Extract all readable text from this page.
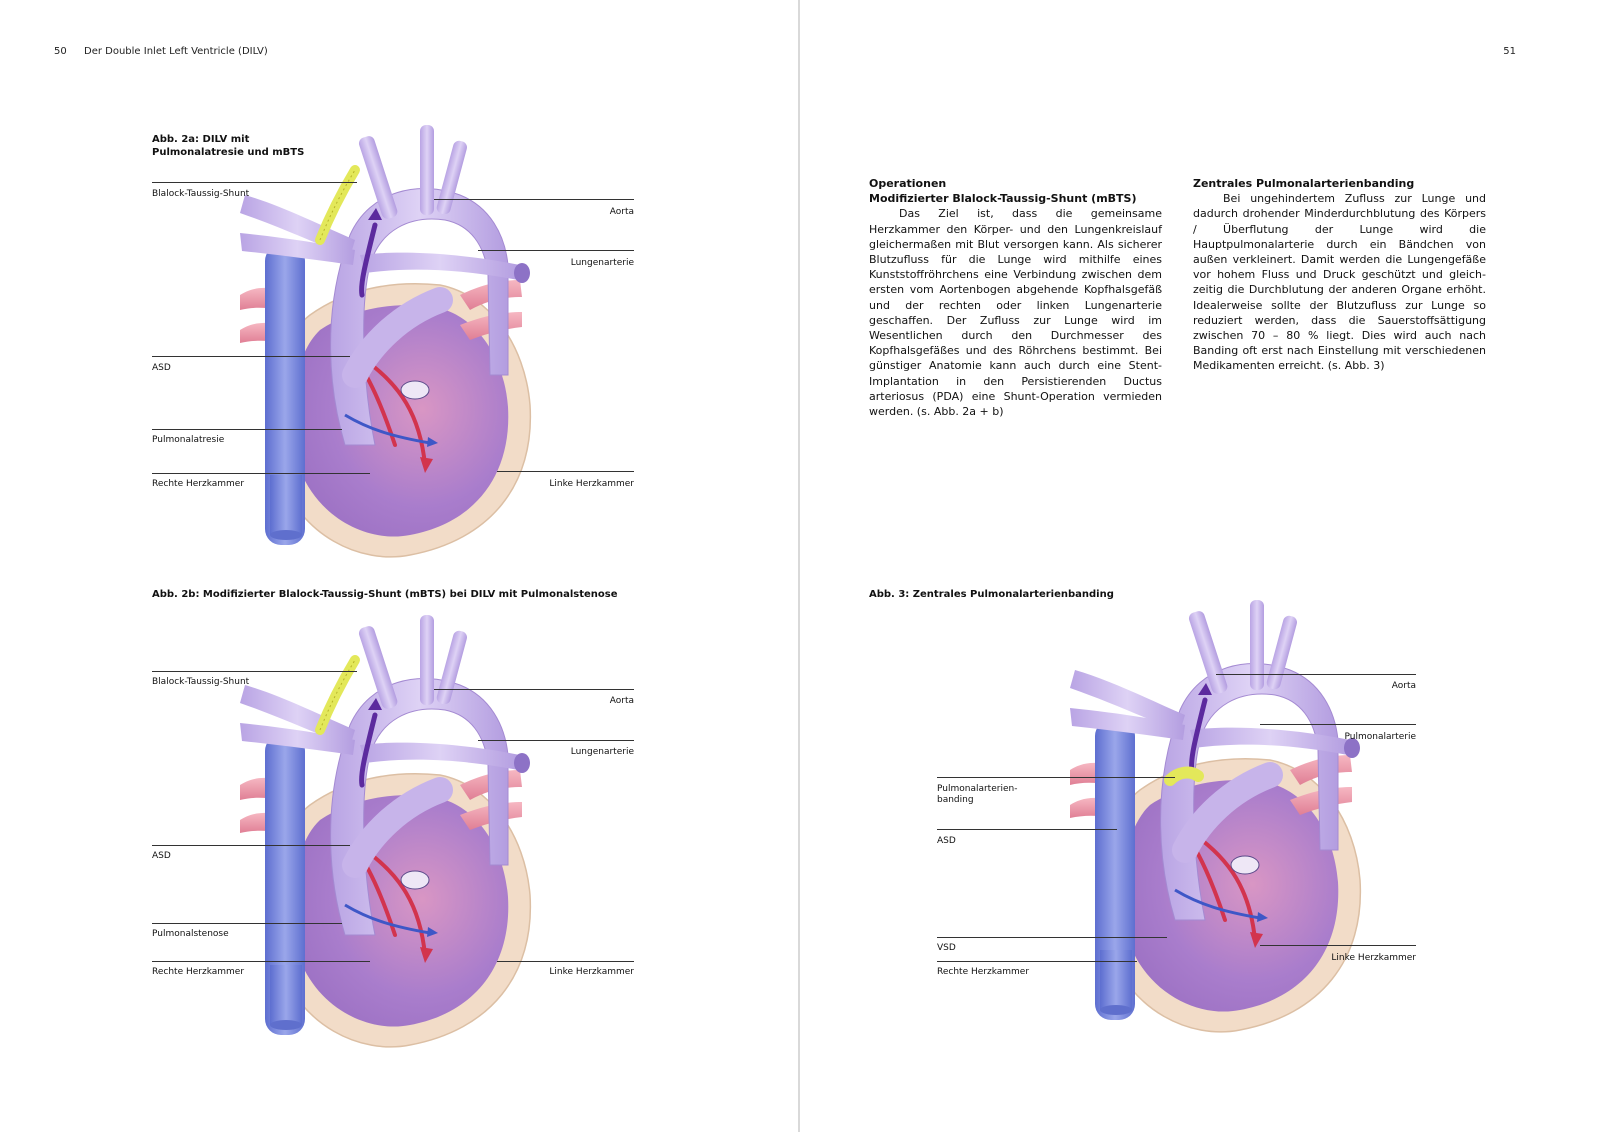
50 Der Double Inlet Left Ventricle (DILV)
Abb. 2a: DILV mit Pulmonalatresie und mBTS
Blalock-Taussig-Shunt
Aorta
Lungenarterie
ASD
Pulmonalatresie
Rechte Herzkammer	Linke Herzkammer
Abb. 2b: Modifizierter Blalock-Taussig-Shunt (mBTS) bei DILV mit Pulmonalstenose
Blalock-Taussig-Shunt
Aorta
Lungenarterie
ASD
Pulmonalstenose
Rechte Herzkammer	Linke Herzkammer
51
Operationen
Modifizierter Blalock-Taussig-Shunt (mBTS)

Das Ziel ist, dass die gemeinsame Herzkammer den Körper- und den Lungenkreislauf gleichermaßen mit Blut versorgen kann. Als sicherer Blutzufluss für die Lunge wird mithilfe eines Kunststoffröhrchens eine Verbindung zwischen dem ersten vom Aortenbogen abgehende Kopfhalsgefäß und der rechten oder linken Lungenarterie geschaffen. Der Zufluss zur Lunge wird im Wesentlichen durch den Durchmesser des Kopfhalsgefäßes und des Röhrchens bestimmt. Bei günstiger Anatomie kann auch durch eine Stent-Implantation in den Persistierenden Ductus arteriosus (PDA) eine Shunt-Operation vermieden werden. (s. Abb. 2a + b)

Zentrales Pulmonalarterienbanding

Bei ungehindertem Zufluss zur Lunge und dadurch drohender Minderdurchblutung des Körpers / Überflutung der Lunge wird die Hauptpulmonalarterie durch ein Bändchen von außen verkleinert. Damit werden die Lungengefäße vor hohem Fluss und Druck geschützt und gleichzeitig die Durchblutung der anderen Organe erhöht. Idealerweise sollte der Blutzufluss zur Lunge so reduziert werden, dass die Sauerstoffsättigung zwischen 70 – 80 % liegt. Dies wird auch nach Banding oft erst nach Einstellung mit verschiedenen Medikamenten erreicht. (s. Abb. 3)

Abb. 3: Zentrales Pulmonalarterienbanding
Aorta
Pulmonalarterie
Pulmonalarterien-
banding
ASD
VSD
Rechte Herzkammer
Linke Herzkammer
